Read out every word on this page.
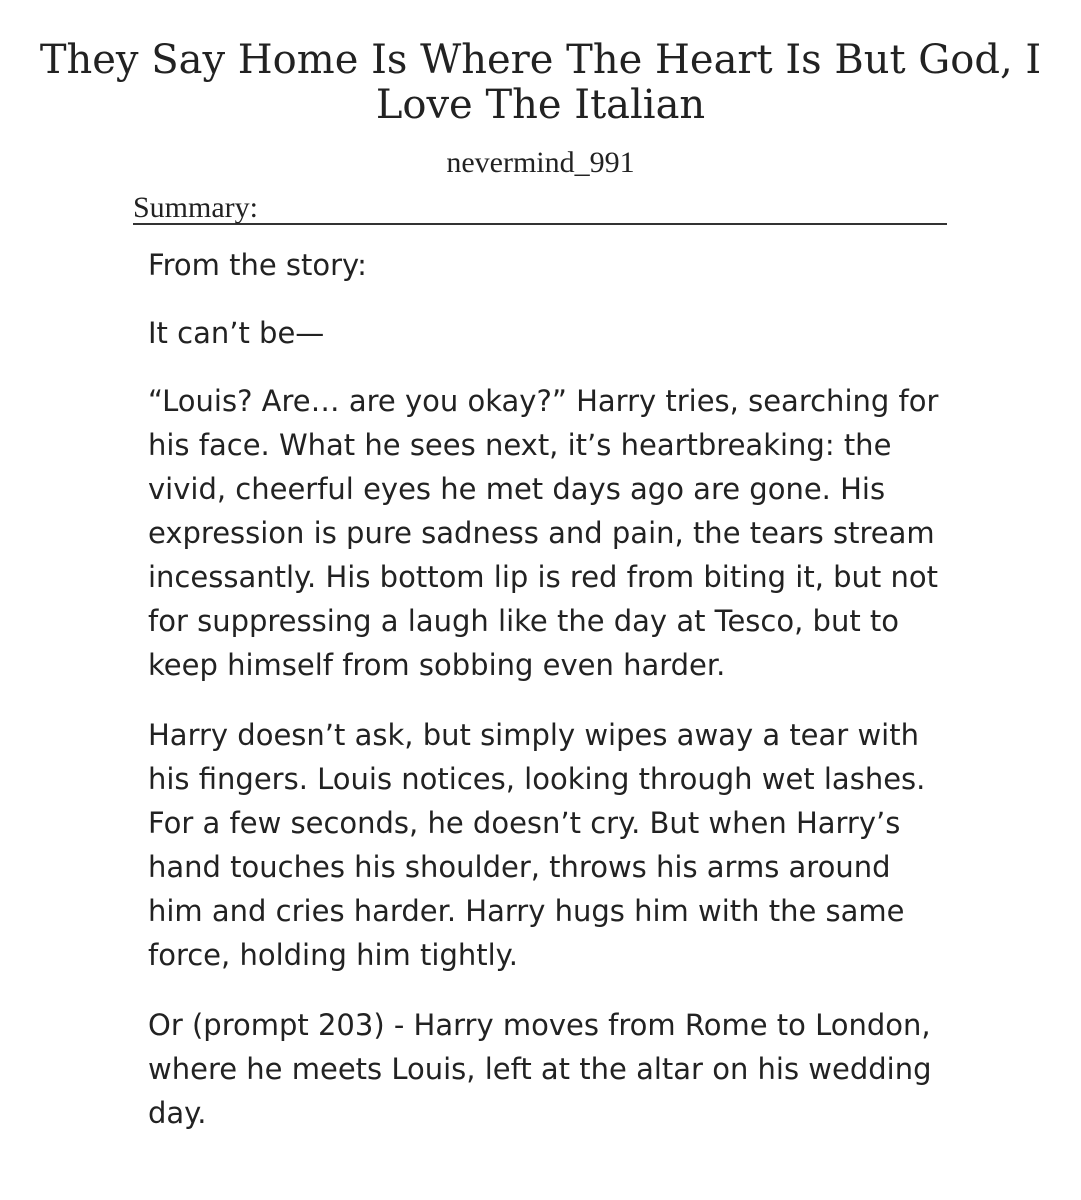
They Say Home Is Where The Heart Is But God, I Love The Italian
nevermind_991
Summary:

From the story:

It can’t be—

“Louis? Are… are you okay?” Harry tries, searching for his face. What he sees next, it’s heartbreaking: the vivid, cheerful eyes he met days ago are gone. His expression is pure sadness and pain, the tears stream incessantly. His bottom lip is red from biting it, but not for suppressing a laugh like the day at Tesco, but to keep himself from sobbing even harder.

Harry doesn’t ask, but simply wipes away a tear with his fingers. Louis notices, looking through wet lashes. For a few seconds, he doesn’t cry. But when Harry’s hand touches his shoulder, throws his arms around him and cries harder. Harry hugs him with the same force, holding him tightly.

Or (prompt 203) - Harry moves from Rome to London, where he meets Louis, left at the altar on his wedding day.
